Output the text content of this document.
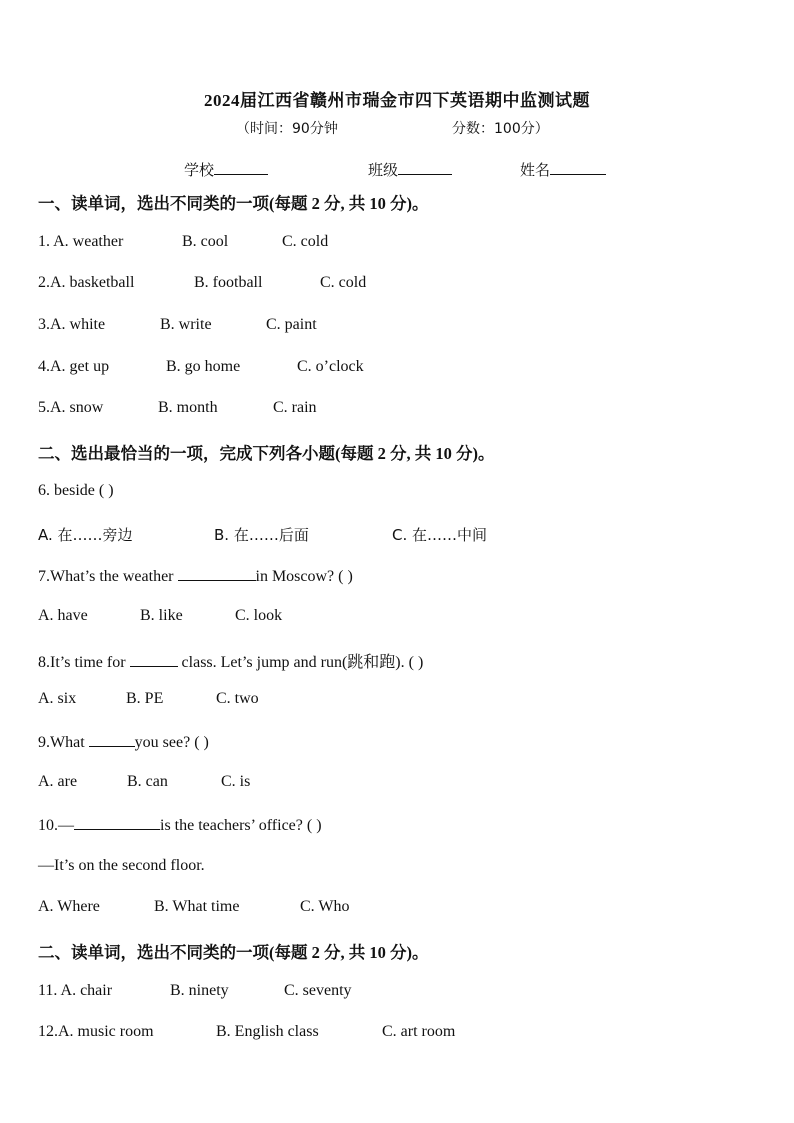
2024届江西省赣州市瑞金市四下英语期中监测试题
（时间：90分钟	分数：100分）
学校	班级	姓名
一、读单词，选出不同类的一项(每题 2 分, 共 10 分)。
1. A. weather	B. cool	C. cold
2.A. basketball	B. football	C. cold
3.A. white	B. write	C. paint
4.A. get up	B. go home	C. o’clock
5.A. snow	B. month	C. rain
二、选出最恰当的一项，完成下列各小题(每题 2 分, 共 10 分)。
6. beside ( )
A. 在……旁边	B. 在……后面	C. 在……中间
7.What’s the weather	in Moscow? ( )
A. have	B. like	C. look
8.It’s time for	class. Let’s jump and run(跳和跑). ( )
A. six	B. PE	C. two
9.What	you see? ( )
A. are	B. can	C. is
10.—	is the teachers’ office? ( )
—It’s on the second floor.
A. Where	B. What time	C. Who
二、读单词，选出不同类的一项(每题 2 分, 共 10 分)。
11. A. chair	B. ninety	C. seventy
12.A. music room	B. English class	C. art room
